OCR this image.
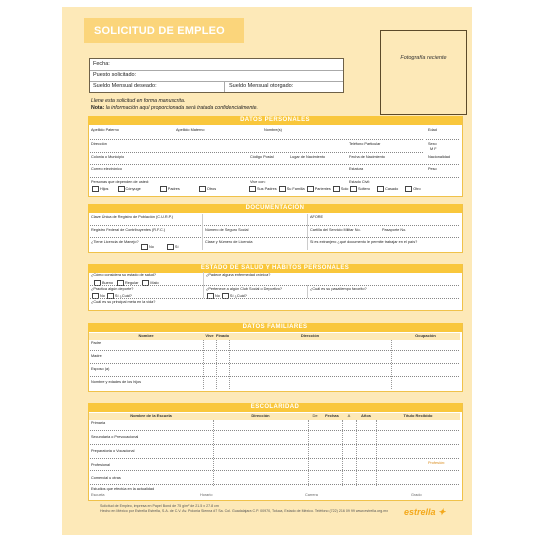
SOLICITUD DE EMPLEO
Fotografía reciente
Fecha:
Puesto solicitado:
Sueldo Mensual deseado:	Sueldo Mensual otorgado:
Llene esta solicitud en forma manuscrita.
Nota: la información aquí proporcionada será tratada confidencialmente.
DATOS PERSONALES
Apellido Paterno	Apellido Materno	Nombre(s)	Edad
Dirección	Teléfono Particular	Sexo
M F
Colonia o Municipio	Código Postal	Lugar de Nacimiento	Fecha de Nacimiento	Nacionalidad
Correo electrónico	Estatura	Peso
Personas que dependen de usted:	Vive con:	Estado Civil:
Hijos	Cónyuge	Padres	Otros	Sus Padres	Su Familia	Parientes	Solo	Soltero	Casado	Otro
DOCUMENTACIÓN
Clave Única de Registro de Población (C.U.R.P.)	AFORE
Registro Federal de Contribuyentes (R.F.C.)	Número de Seguro Social	Cartilla del Servicio Militar No.	Pasaporte No.
¿Tiene Licencia de Manejo?
No	Sí
Clase y Número de Licencia	Si es extranjero ¿qué documento le permite trabajar en el país?
ESTADO DE SALUD Y HÁBITOS PERSONALES
¿Cómo considera su estado de salud?	¿Padece alguna enfermedad crónica?
Bueno	Regular	Malo
¿Practica algún deporte?	¿Pertenece a algún Club Social o Deportivo?	¿Cuál es su pasatiempo favorito?
No	Sí ¿Cuál?	No	Sí ¿Cuál?
¿Cuál es su principal meta en la vida?
DATOS FAMILIARES
Nombre	Vive Finado	Dirección	Ocupación
Padre
Madre
Esposo (a)
Nombre y edades de los hijos
ESCOLARIDAD
Nombre de la Escuela	Dirección	De	Fechas	A	Años	Título Recibido
Primaria
Secundaria o Prevocacional
Preparatoria o Vocacional
Profesional	Profesión:
Comercial u otras
Estudios que efectúa en la actualidad
Escuela	Horario	Carrera	Grado
Solicitud de Empleo, impresa en Papel Bond de 75 g/m² de 21.5 x 27.8 cm
Hecho en México por Estrella Estrella, S.A. de C.V. Av. Polonia Sienna #7 Sa. Col. Guadalajara C.P. 00970, Toluca, Estado de México. Teléfono (722) 216 09 99 www.estrella.org.mx estrella ✦
